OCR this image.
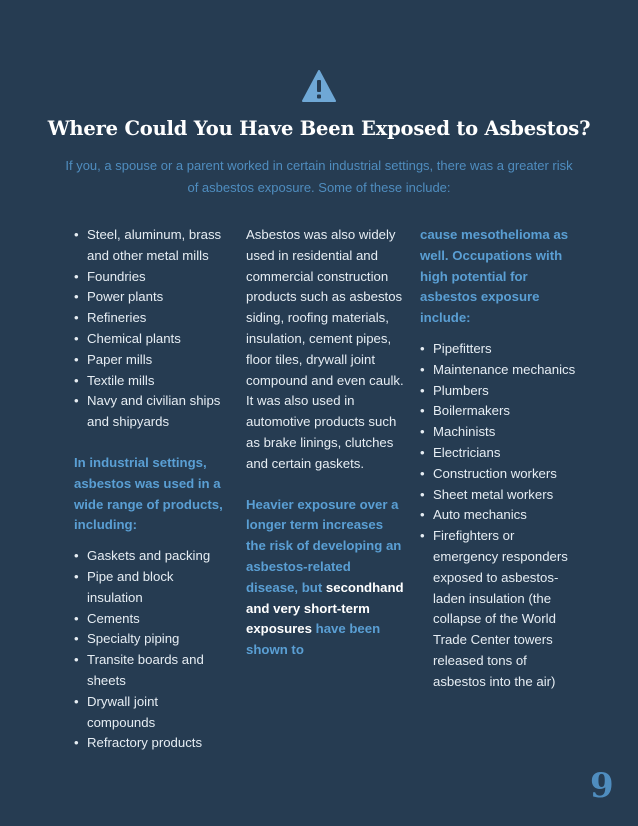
Where Could You Have Been Exposed to Asbestos?
If you, a spouse or a parent worked in certain industrial settings, there was a greater risk of asbestos exposure. Some of these include:
• Steel, aluminum, brass and other metal mills
• Foundries
• Power plants
• Refineries
• Chemical plants
• Paper mills
• Textile mills
• Navy and civilian ships and shipyards

In industrial settings, asbestos was used in a wide range of products, including:

• Gaskets and packing
• Pipe and block insulation
• Cements
• Specialty piping
• Transite boards and sheets
• Drywall joint compounds
• Refractory products

Asbestos was also widely used in residential and commercial construction products such as asbestos siding, roofing materials, insulation, cement pipes, floor tiles, drywall joint compound and even caulk. It was also used in automotive products such as brake linings, clutches and certain gaskets.

Heavier exposure over a longer term increases the risk of developing an asbestos-related disease, but secondhand and very short-term exposures have been shown to

cause mesothelioma as well. Occupations with high potential for asbestos exposure include:

• Pipefitters
• Maintenance mechanics
• Plumbers
• Boilermakers
• Machinists
• Electricians
• Construction workers
• Sheet metal workers
• Auto mechanics
• Firefighters or emergency responders exposed to asbestos-laden insulation (the collapse of the World Trade Center towers released tons of asbestos into the air)
9
